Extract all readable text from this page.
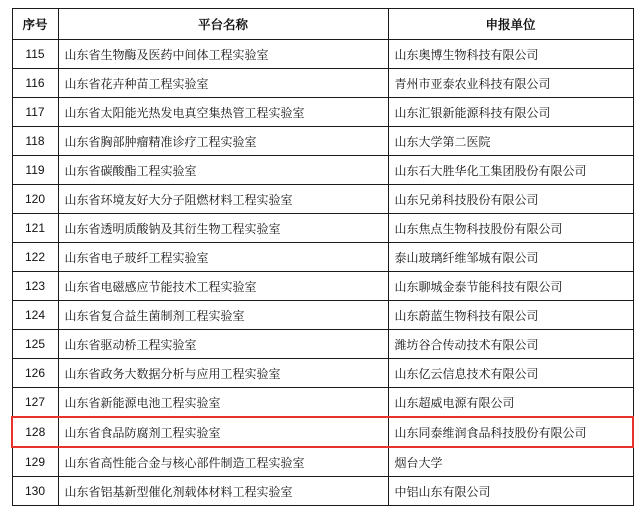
序号	平台名称	申报单位
115	山东省生物酶及医药中间体工程实验室	山东奥博生物科技有限公司
116	山东省花卉种苗工程实验室	青州市亚泰农业科技有限公司
117	山东省太阳能光热发电真空集热管工程实验室	山东汇银新能源科技有限公司
118	山东省胸部肿瘤精准诊疗工程实验室	山东大学第二医院
119	山东省碳酸酯工程实验室	山东石大胜华化工集团股份有限公司
120	山东省环境友好大分子阻燃材料工程实验室	山东兄弟科技股份有限公司
121	山东省透明质酸钠及其衍生物工程实验室	山东焦点生物科技股份有限公司
122	山东省电子玻纤工程实验室	泰山玻璃纤维邹城有限公司
123	山东省电磁感应节能技术工程实验室	山东聊城金泰节能科技有限公司
124	山东省复合益生菌制剂工程实验室	山东蔚蓝生物科技有限公司
125	山东省驱动桥工程实验室	潍坊谷合传动技术有限公司
126	山东省政务大数据分析与应用工程实验室	山东亿云信息技术有限公司
127	山东省新能源电池工程实验室	山东超威电源有限公司
128	山东省食品防腐剂工程实验室	山东同泰维润食品科技股份有限公司
129	山东省高性能合金与核心部件制造工程实验室	烟台大学
130	山东省铝基新型催化剂载体材料工程实验室	中铝山东有限公司
